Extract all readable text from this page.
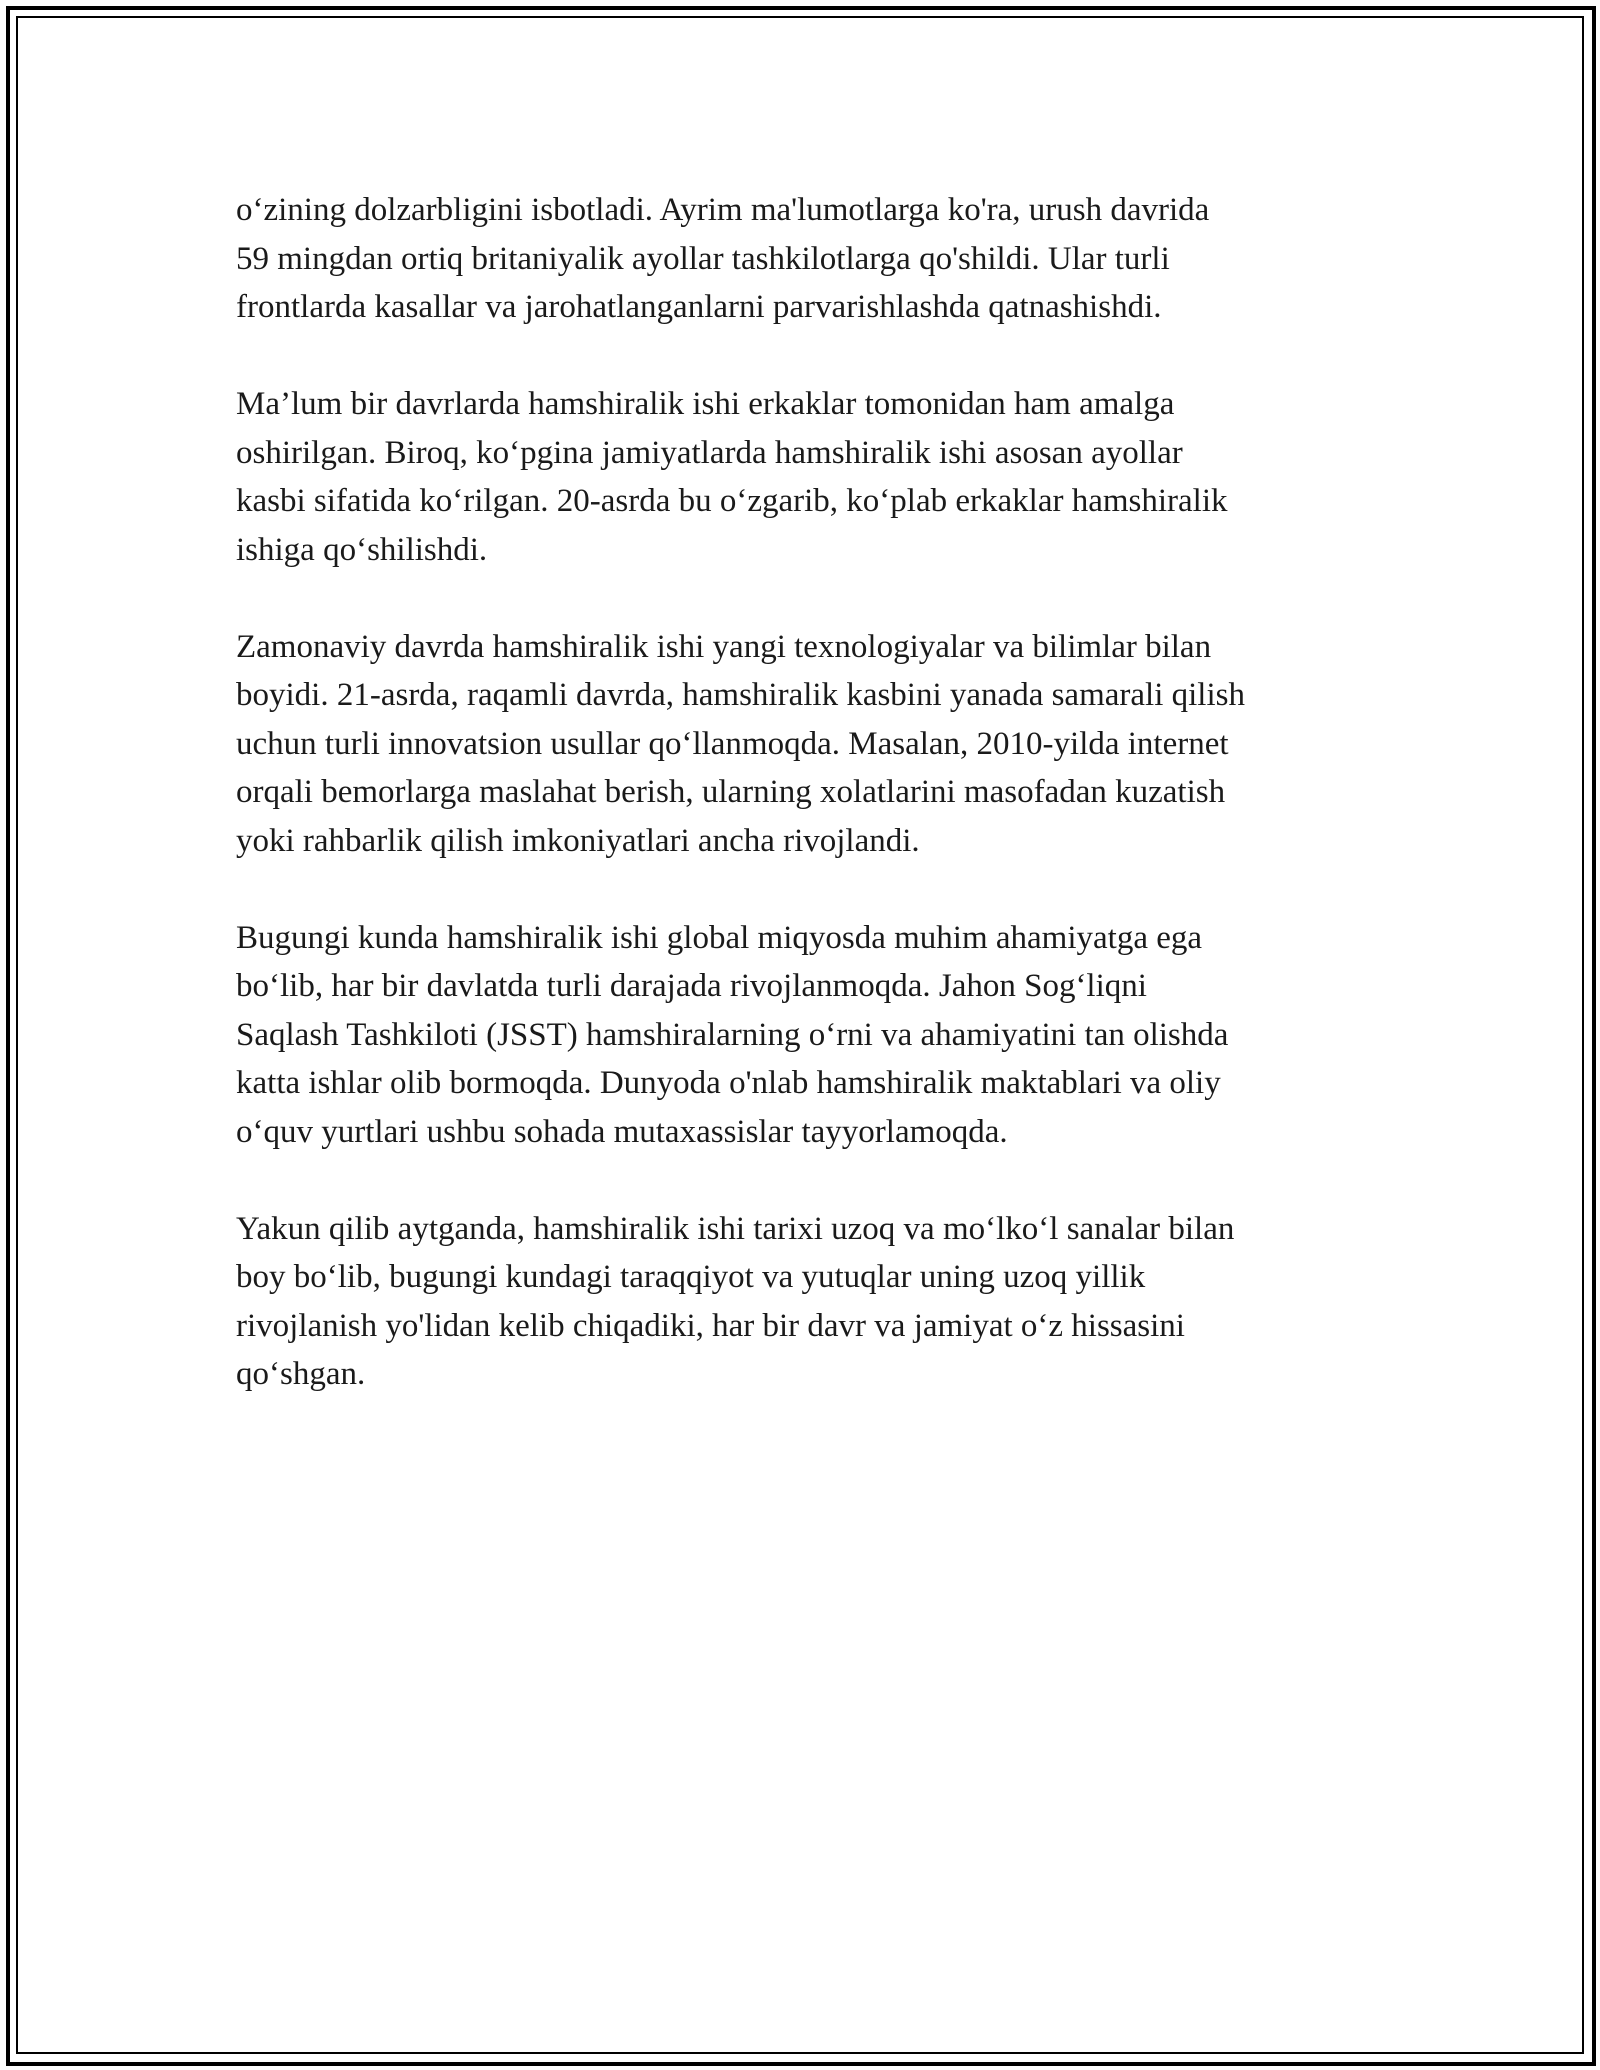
o‘zining dolzarbligini isbotladi. Ayrim ma'lumotlarga ko'ra, urush davrida
59 mingdan ortiq britaniyalik ayollar tashkilotlarga qo'shildi. Ular turli
frontlarda kasallar va jarohatlanganlarni parvarishlashda qatnashishdi.

Ma’lum bir davrlarda hamshiralik ishi erkaklar tomonidan ham amalga
oshirilgan. Biroq, ko‘pgina jamiyatlarda hamshiralik ishi asosan ayollar
kasbi sifatida ko‘rilgan. 20-asrda bu o‘zgarib, ko‘plab erkaklar hamshiralik
ishiga qo‘shilishdi.

Zamonaviy davrda hamshiralik ishi yangi texnologiyalar va bilimlar bilan
boyidi. 21-asrda, raqamli davrda, hamshiralik kasbini yanada samarali qilish
uchun turli innovatsion usullar qo‘llanmoqda. Masalan, 2010-yilda internet
orqali bemorlarga maslahat berish, ularning xolatlarini masofadan kuzatish
yoki rahbarlik qilish imkoniyatlari ancha rivojlandi.

Bugungi kunda hamshiralik ishi global miqyosda muhim ahamiyatga ega
bo‘lib, har bir davlatda turli darajada rivojlanmoqda. Jahon Sog‘liqni
Saqlash Tashkiloti (JSST) hamshiralarning o‘rni va ahamiyatini tan olishda
katta ishlar olib bormoqda. Dunyoda o'nlab hamshiralik maktablari va oliy
o‘quv yurtlari ushbu sohada mutaxassislar tayyorlamoqda.

Yakun qilib aytganda, hamshiralik ishi tarixi uzoq va mo‘lko‘l sanalar bilan
boy bo‘lib, bugungi kundagi taraqqiyot va yutuqlar uning uzoq yillik
rivojlanish yo'lidan kelib chiqadiki, har bir davr va jamiyat o‘z hissasini
qo‘shgan.
